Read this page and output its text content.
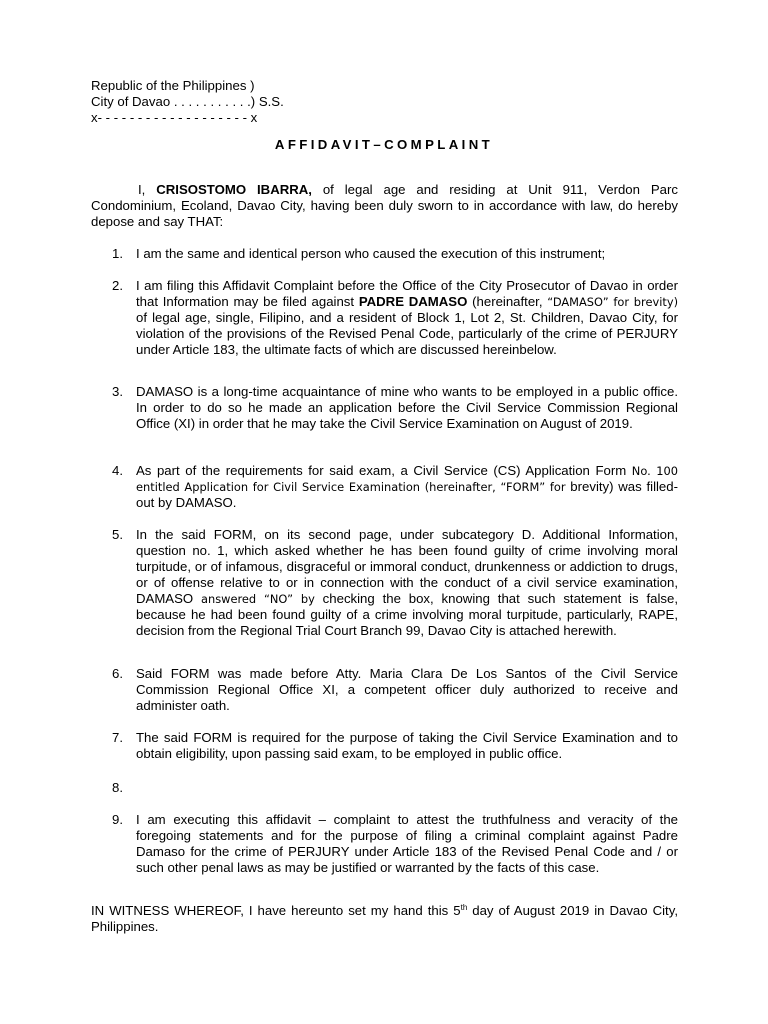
Republic of the Philippines )
City of Davao . . . . . . . . . . .) S.S.
x- - - - - - - - - - - - - - - - - - - x
AFFIDAVIT–COMPLAINT
I, CRISOSTOMO IBARRA, of legal age and residing at Unit 911, Verdon Parc Condominium, Ecoland, Davao City, having been duly sworn to in accordance with law, do hereby depose and say THAT:
1. I am the same and identical person who caused the execution of this instrument;
2. I am filing this Affidavit Complaint before the Office of the City Prosecutor of Davao in order that Information may be filed against PADRE DAMASO (hereinafter, “DAMASO” for brevity) of legal age, single, Filipino, and a resident of Block 1, Lot 2, St. Children, Davao City, for violation of the provisions of the Revised Penal Code, particularly of the crime of PERJURY under Article 183, the ultimate facts of which are discussed hereinbelow.
3. DAMASO is a long-time acquaintance of mine who wants to be employed in a public office. In order to do so he made an application before the Civil Service Commission Regional Office (XI) in order that he may take the Civil Service Examination on August of 2019.
4. As part of the requirements for said exam, a Civil Service (CS) Application Form No. 100 entitled Application for Civil Service Examination (hereinafter, “FORM” for brevity) was filled-out by DAMASO.
5. In the said FORM, on its second page, under subcategory D. Additional Information, question no. 1, which asked whether he has been found guilty of crime involving moral turpitude, or of infamous, disgraceful or immoral conduct, drunkenness or addiction to drugs, or of offense relative to or in connection with the conduct of a civil service examination, DAMASO answered “NO” by checking the box, knowing that such statement is false, because he had been found guilty of a crime involving moral turpitude, particularly, RAPE, decision from the Regional Trial Court Branch 99, Davao City is attached herewith.
6. Said FORM was made before Atty. Maria Clara De Los Santos of the Civil Service Commission Regional Office XI, a competent officer duly authorized to receive and administer oath.
7. The said FORM is required for the purpose of taking the Civil Service Examination and to obtain eligibility, upon passing said exam, to be employed in public office.
8.
9. I am executing this affidavit – complaint to attest the truthfulness and veracity of the foregoing statements and for the purpose of filing a criminal complaint against Padre Damaso for the crime of PERJURY under Article 183 of the Revised Penal Code and / or such other penal laws as may be justified or warranted by the facts of this case.
IN WITNESS WHEREOF, I have hereunto set my hand this 5th day of August 2019 in Davao City, Philippines.
